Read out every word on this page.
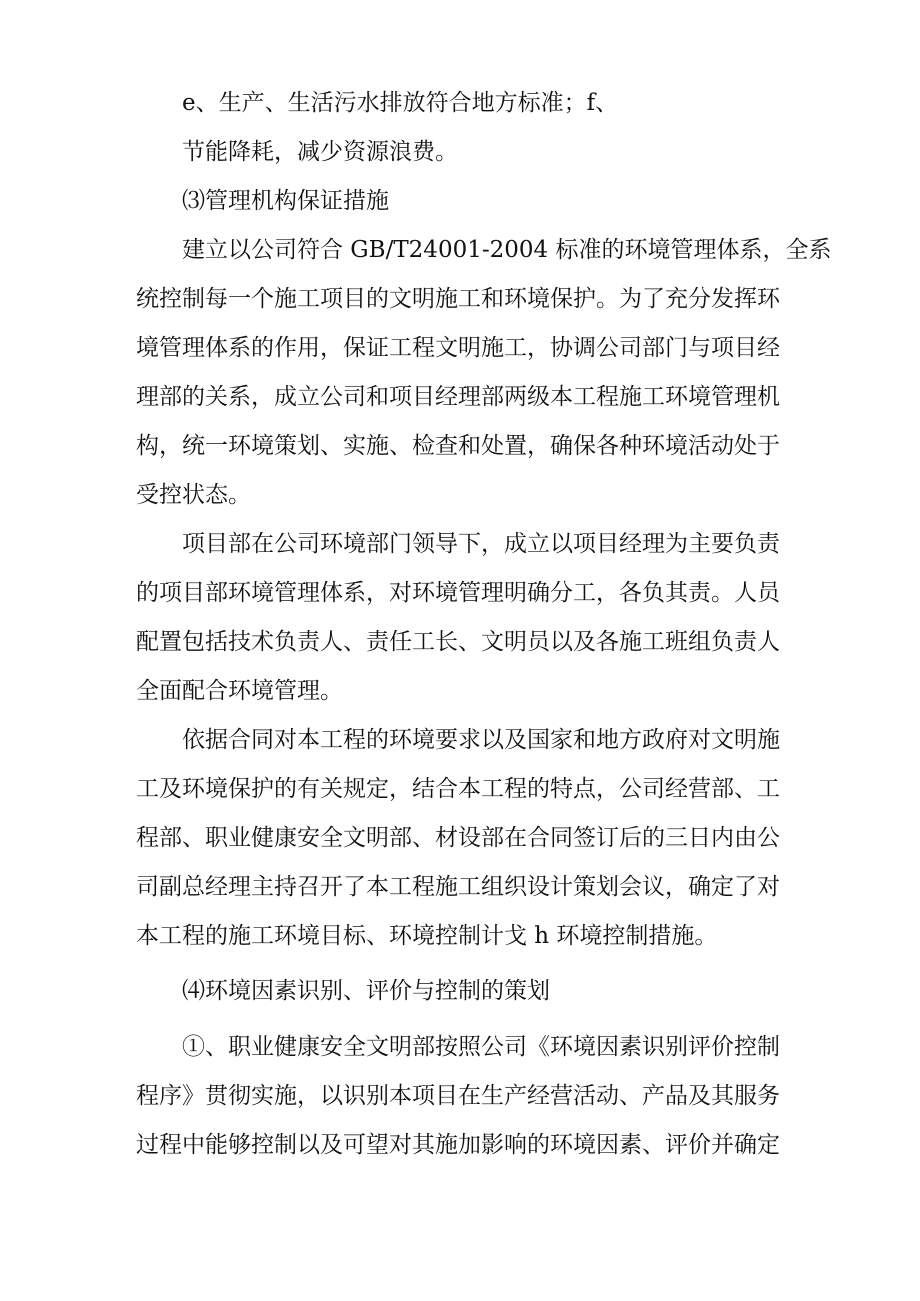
e、生产、生活污水排放符合地方标准；f、

节能降耗，减少资源浪费。

⑶管理机构保证措施

建立以公司符合 GB/T24001-2004 标准的环境管理体系，全系

统控制每一个施工项目的文明施工和环境保护。为了充分发挥环

境管理体系的作用，保证工程文明施工，协调公司部门与项目经

理部的关系，成立公司和项目经理部两级本工程施工环境管理机

构，统一环境策划、实施、检查和处置，确保各种环境活动处于

受控状态。

项目部在公司环境部门领导下，成立以项目经理为主要负责

的项目部环境管理体系，对环境管理明确分工，各负其责。人员

配置包括技术负责人、责任工长、文明员以及各施工班组负责人

全面配合环境管理。

依据合同对本工程的环境要求以及国家和地方政府对文明施

工及环境保护的有关规定，结合本工程的特点，公司经营部、工

程部、职业健康安全文明部、材设部在合同签订后的三日内由公

司副总经理主持召开了本工程施工组织设计策划会议，确定了对

本工程的施工环境目标、环境控制计戈 h 环境控制措施。

⑷环境因素识别、评价与控制的策划

①、职业健康安全文明部按照公司《环境因素识别评价控制

程序》贯彻实施，以识别本项目在生产经营活动、产品及其服务

过程中能够控制以及可望对其施加影响的环境因素、评价并确定
